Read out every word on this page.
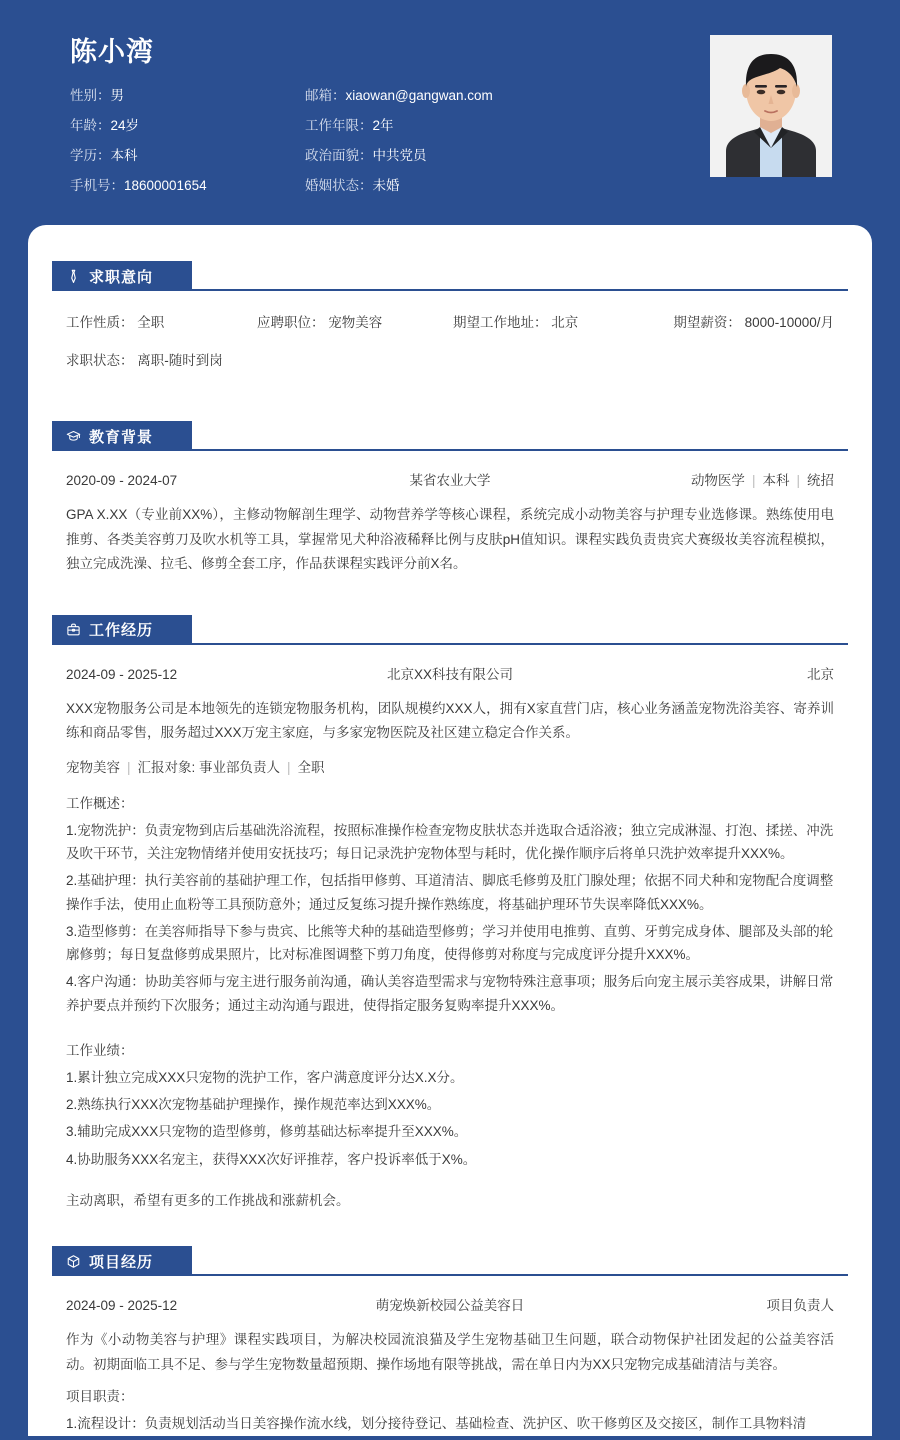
陈小湾
性别：男	邮箱：xiaowan@gangwan.com
年龄：24岁	工作年限：2年
学历：本科	政治面貌：中共党员
手机号：18600001654	婚姻状态：未婚
求职意向
工作性质： 全职	应聘职位： 宠物美容	期望工作地址： 北京	期望薪资： 8000-10000/月
求职状态： 离职-随时到岗
教育背景
2020-09 - 2024-07	某省农业大学	动物医学 | 本科 | 统招
GPA X.XX（专业前XX%），主修动物解剖生理学、动物营养学等核心课程，系统完成小动物美容与护理专业选修课。熟练使用电推剪、各类美容剪刀及吹水机等工具，掌握常见犬种浴液稀释比例与皮肤pH值知识。课程实践负责贵宾犬赛级妆美容流程模拟，独立完成洗澡、拉毛、修剪全套工序，作品获课程实践评分前X名。
工作经历
2024-09 - 2025-12	北京XX科技有限公司	北京
XXX宠物服务公司是本地领先的连锁宠物服务机构，团队规模约XXX人，拥有X家直营门店，核心业务涵盖宠物洗浴美容、寄养训练和商品零售，服务超过XXX万宠主家庭，与多家宠物医院及社区建立稳定合作关系。
宠物美容 | 汇报对象: 事业部负责人 | 全职
工作概述：
1.宠物洗护：负责宠物到店后基础洗浴流程，按照标准操作检查宠物皮肤状态并选取合适浴液；独立完成淋湿、打泡、揉搓、冲洗及吹干环节，关注宠物情绪并使用安抚技巧；每日记录洗护宠物体型与耗时，优化操作顺序后将单只洗护效率提升XXX%。
2.基础护理：执行美容前的基础护理工作，包括指甲修剪、耳道清洁、脚底毛修剪及肛门腺处理；依据不同犬种和宠物配合度调整操作手法，使用止血粉等工具预防意外；通过反复练习提升操作熟练度，将基础护理环节失误率降低XXX%。
3.造型修剪：在美容师指导下参与贵宾、比熊等犬种的基础造型修剪；学习并使用电推剪、直剪、牙剪完成身体、腿部及头部的轮廓修剪；每日复盘修剪成果照片，比对标准图调整下剪刀角度，使得修剪对称度与完成度评分提升XXX%。
4.客户沟通：协助美容师与宠主进行服务前沟通，确认美容造型需求与宠物特殊注意事项；服务后向宠主展示美容成果，讲解日常养护要点并预约下次服务；通过主动沟通与跟进，使得指定服务复购率提升XXX%。
工作业绩：
1.累计独立完成XXX只宠物的洗护工作，客户满意度评分达X.X分。
2.熟练执行XXX次宠物基础护理操作，操作规范率达到XXX%。
3.辅助完成XXX只宠物的造型修剪，修剪基础达标率提升至XXX%。
4.协助服务XXX名宠主，获得XXX次好评推荐，客户投诉率低于X%。
主动离职，希望有更多的工作挑战和涨薪机会。
项目经历
2024-09 - 2025-12	萌宠焕新校园公益美容日	项目负责人
作为《小动物美容与护理》课程实践项目，为解决校园流浪猫及学生宠物基础卫生问题，联合动物保护社团发起的公益美容活动。初期面临工具不足、参与学生宠物数量超预期、操作场地有限等挑战，需在单日内为XX只宠物完成基础清洁与美容。
项目职责：
1.流程设计：负责规划活动当日美容操作流水线，划分接待登记、基础检查、洗护区、吹干修剪区及交接区，制作工具物料清
